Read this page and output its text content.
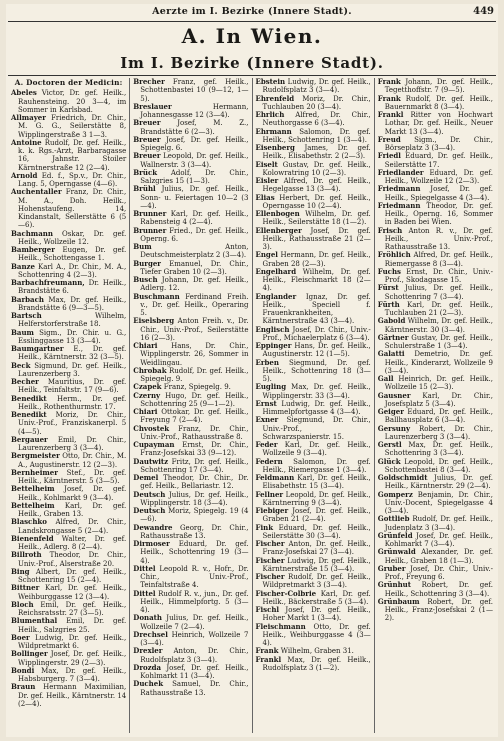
Aerzte im I. Bezirke (Innere Stadt).	449
A. In Wien.
Im I. Bezirke (Innere Stadt).
A. Doctoren der Medicin:
Abeles Victor, Dr. gef. Heilk., Rauhensteing. 20 3—4, im Sommer in Karlsbad.
Allmayer Friedrich, Dr. Chir., M. G. G., Seilerstätte 8, Wipplingerstraße 3 1—3.
Antoine Rudolf, Dr. gef. Heilk., k. k. Rgs.-Arzt, Barbaragasse 16, Jahnstr. Stoiler Kärntnerstraße 12 (2—4).
Arnold Ed. f., Sp.v., Dr. Chir., Lang. 5, Operngasse (4—6).
Auchentaller Franz, Dr. Chir., M. A., Doh. Heilk., Hohenstaufeng. 14, Kindanstalt, Sellerstätte 6 (5—6).
Bachmann Oskar, Dr. gef. Heilk., Wollzeile 12.
Bamberger Eugen, Dr. gef. Heilk., Schottengasse 1.
Banze Karl A., Dr. Chir., M. A., Schottenring 4 (2—3).
Barbachfreumann, Dr. Heilk., Brandstätte 6.
Barbach Max, Dr. gef. Heilk., Brandstätte 6 (9—3—5).
Bartsch Wilhelm, Helferstorferstraße 18.
Baum Sigm., Dr. Chir. u. G., Esslinggasse 13 (3—4).
Baumgartner E., Dr. gef. Heilk., Kärntnerstr. 32 (3—5).
Beck Sigmund, Dr. gef. Heilk., Laurenzerberg 3.
Becher Mauritius, Dr. gef. Heilk., Teinfaltstr. 17 (9—6).
Benedikt Herm., Dr. gef. Heilk., Rothenthurmstr. 17.
Benedikt Moriz, Dr. Chir., Univ.-Prof., Franziskanerpl. 5 (4—5).
Bergauer Emil, Dr. Chir., Laurenzerberg 3 (3—4).
Bergmeister Otto, Dr. Chir., M. A., Augustinerstr. 12 (2—3).
Bernheimer Stef., Dr. gef. Heilk., Kärntnerstr. 5 (3—5).
Bettelheim Josef, Dr. gef. Heilk., Kohlmarkt 9 (3—4).
Bettelheim Karl, Dr. gef. Heilk., Graben 13.
Blaschko Alfred, Dr. Chir., Landskrongasse 5 (2—4).
Bienenfeld Walter, Dr. gef. Heilk., Adlerg. 8 (2—4).
Billroth Theodor, Dr. Chir., Univ.-Prof., Alserstraße 20.
Bing Albert, Dr. gef. Heilk., Schottenring 15 (2—4).
Bittner Karl, Dr. gef. Heilk., Weihburggasse 12 (3—4).
Bloch Emil, Dr. gef. Heilk., Reichsratsstr. 27 (3—5).
Blumenthal Emil, Dr. gef. Heilk., Salzgries 25.
Boer Ludwig, Dr. gef. Heilk., Wildpretmarkt 6.
Bollinger Josef, Dr. gef. Heilk., Wipplingerstr. 29 (2—3).
Bondi Max, Dr. gef. Heilk., Habsburgerg. 7 (3—4).
Braun Hermann Maximilian, Dr. gef. Heilk., Kärntnerstr. 14 (2—4).
Brecher Franz, gef. Heilk., Schottenbastei 10 (9—12, 1—5).
Breslauer Hermann, Johannesgasse 12 (3—4).
Breuer Josef, M. Z., Brandstätte 6 (2—3).
Breuer Josef, Dr. gef. Heilk., Spiegelg. 6.
Breuer Leopold, Dr. gef. Heilk., Wallnerstr. 3 (3—4).
Brück Adolf, Dr. Chir., Salzgries 15 (1—3).
Brühl Julius, Dr. gef. Heilk., Sonn- u. Feiertagen 10—2 (3—4).
Brunner Karl, Dr. gef. Heilk., Rabensteig 4 (2—4).
Brunner Fried., Dr. gef. Heilk., Operng. 6.
Bum Anton, Deutschmeisterplatz 2 (3—4).
Burger Emanuel, Dr. Chir., Tiefer Graben 10 (2—3).
Busch Johann, Dr. gef. Heilk., Adlerg. 12.
Buschmann Ferdinand Freih. v., Dr. gef. Heilk., Operaring 5.
Eiselsberg Anton Freih. v., Dr. Chir., Univ.-Prof., Seilerstätte 16 (2—3).
Chiari Hans, Dr. Chir., Wipplingerstr. 26, Sommer in Weidlingau.
Chrobak Rudolf, Dr. gef. Heilk., Spiegelg. 9.
Czapek Franz, Spiegelg. 9.
Czerny Hugo, Dr. gef. Heilk., Schottenring 25 (9—1—2).
Chiari Ottokar, Dr. gef. Heilk., Freyung 7 (2—4).
Chvostek Franz, Dr. Chir., Univ.-Prof., Rathausstraße 8.
Cupayman Ernst, Dr. Chir., Franz-Josefskai 33 (9—12).
Dautwitz Fritz, Dr. gef. Heilk., Schottenring 17 (3—4).
Demel Theodor, Dr. Chir., Dr. gef. Heilk., Bellariastr. 12.
Deutsch Julius, Dr. gef. Heilk., Wipplingerstr. 18 (3—4).
Deutsch Moriz, Spiegelg. 19 (4—6).
Dewandre Georg, Dr. Chir., Rathausstraße 13.
Dirmoser Eduard, Dr. gef. Heilk., Schottenring 19 (3—4).
Dittel Leopold R. v., Hofr., Dr. Chir., Univ.-Prof., Teinfaltstraße 4.
Dittel Rudolf R. v., jun., Dr. gef. Heilk., Himmelpfortg. 5 (3—4).
Donath Julius, Dr. gef. Heilk., Wollzeile 7 (2—4).
Drechsel Heinrich, Wollzeile 7 (3—4).
Drexler Anton, Dr. Chir., Rudolfsplatz 3 (3—4).
Drozda Josef, Dr. gef. Heilk., Kohlmarkt 11 (3—4).
Duchek Samuel, Dr. Chir., Rathausstraße 13.
Ebstein Ludwig, Dr. gef. Heilk., Rudolfsplatz 3 (3—4).
Ehrenfeld Moriz, Dr. Chir., Tuchlauben 20 (3—4).
Ehrlich Alfred, Dr. Chir., Neuthorgasse 6 (3—4).
Ehrmann Salomon, Dr. gef. Heilk., Schottenring 1 (3—4).
Eisenberg James, Dr. gef. Heilk., Elisabethstr. 2 (2—3).
Eiselt Gustav, Dr. gef. Heilk., Kolowratring 10 (2—3).
Eisler Alfred, Dr. gef. Heilk., Hegelgasse 13 (3—4).
Elias Herbert, Dr. gef. Heilk., Operngasse 10 (2—4).
Ellenbogen Wilhelm, Dr. gef. Heilk., Seilerstätte 18 (1—2).
Ellenberger Josef, Dr. gef. Heilk., Rathausstraße 21 (2—3).
Engel Hermann, Dr. gef. Heilk., Graben 28 (2—3).
Engelhard Wilhelm, Dr. gef. Heilk., Fleischmarkt 18 (2—4).
Englander Ignaz, Dr. gef. Heilk., Speciell f. Frauenkrankheiten, Kärntnerstraße 43 (3—4).
Englisch Josef, Dr. Chir., Univ.-Prof., Michaelerplatz 6 (3—4).
Eppinger Hans, Dr. gef. Heilk., Augustinerstr. 12 (1—5).
Erben Siegmund, Dr. gef. Heilk., Schottenring 18 (3—5).
Eugling Max, Dr. gef. Heilk., Wipplingerstr. 33 (3—4).
Ernst Ludwig, Dr. gef. Heilk., Himmelpfortgasse 4 (3—4).
Exner Siegmund, Dr. Chir., Univ.-Prof., Schwarzspanierstr. 15.
Feder Karl, Dr. gef. Heilk., Wollzeile 9 (3—4).
Federn Salomon, Dr. gef. Heilk., Riemergasse 1 (3—4).
Feldmann Karl, Dr. gef. Heilk., Elisabethstr. 15 (3—4).
Fellner Leopold, Dr. gef. Heilk., Kärntnerring 9 (3—4).
Fiebiger Josef, Dr. gef. Heilk., Graben 21 (2—4).
Fink Eduard, Dr. gef. Heilk., Seilerstätte 30 (3—4).
Fischer Anton, Dr. gef. Heilk., Franz-Josefskai 27 (3—4).
Fischer Ludwig, Dr. gef. Heilk., Kärntnerstraße 15 (3—4).
Fischer Rudolf, Dr. gef. Heilk., Wildpretmarkt 3 (3—4).
Fischer-Colbrie Karl, Dr. gef. Heilk., Bäckerstraße 5 (3—4).
Fischl Josef, Dr. gef. Heilk., Hoher Markt 1 (3—4).
Fleischmann Otto, Dr. gef. Heilk., Weihburggasse 4 (3—4).
Frank Wilhelm, Graben 31.
Frankl Max, Dr. gef. Heilk., Rudolfsplatz 3 (1—2).
Frank Johann, Dr. gef. Heilk., Tegetthoffstr. 7 (9—5).
Frank Rudolf, Dr. gef. Heilk., Bauernmarkt 8 (3—4).
Frankl Ritter von Hochwart Lothar, Dr. gef. Heilk., Neuer Markt 13 (3—4).
Freud Sigm., Dr. Chir., Börseplatz 3 (3—4).
Friedl Eduard, Dr. gef. Heilk., Seilerstätte 17.
Friedlander Eduard, Dr. gef. Heilk., Wollzeile 12 (2—3).
Friedmann Josef, Dr. gef. Heilk., Spiegelgasse 4 (3—4).
Friedmann Theodor, Dr. gef. Heilk., Operng. 16, Sommer in Baden bei Wien.
Frisch Anton R. v., Dr. gef. Heilk., Univ.-Prof., Rathausstraße 13.
Fröhlich Alfred, Dr. gef. Heilk., Riemergasse 8 (3—4).
Fuchs Ernst, Dr. Chir., Univ.-Prof., Skodagasse 15.
Fürst Julius, Dr. gef. Heilk., Schottenring 7 (3—4).
Fürth Karl, Dr. gef. Heilk., Tuchlauben 21 (2—3).
Gabold Wilhelm, Dr. gef. Heilk., Kärntnerstr. 30 (3—4).
Gärtner Gustav, Dr. gef. Heilk., Schulerstraße 1 (3—4).
Galatti Demetrio, Dr. gef. Heilk., Kinderarzt, Wollzeile 9 (3—4).
Gall Heinrich, Dr. gef. Heilk., Wollzeile 15 (2—3).
Gausner Karl, Dr. Chir., Josefsplatz 5 (3—4).
Geiger Eduard, Dr. gef. Heilk., Ballhausplatz 6 (3—4).
Gersuny Robert, Dr. Chir., Laurenzerberg 3 (3—4).
Gerstl Max, Dr. gef. Heilk., Schottenring 3 (3—4).
Glück Leopold, Dr. gef. Heilk., Schottenbastei 8 (3—4).
Goldschmidt Julius, Dr. gef. Heilk., Kärntnerstr. 29 (2—4).
Gomperz Benjamin, Dr. Chir., Univ.-Docent, Spiegelgasse 4 (3—4).
Gottlieb Rudolf, Dr. gef. Heilk., Judenplatz 3 (3—4).
Grünfeld Josef, Dr. gef. Heilk., Kohlmarkt 7 (3—4).
Grünwald Alexander, Dr. gef. Heilk., Graben 18 (1—3).
Gruber Josef, Dr. Chir., Univ.-Prof., Freyung 6.
Grünhut Robert, Dr. gef. Heilk., Schottenring 3 (3—4).
Grünbaum Robert, Dr. gef. Heilk., Franz-Josefskai 2 (1—2).
